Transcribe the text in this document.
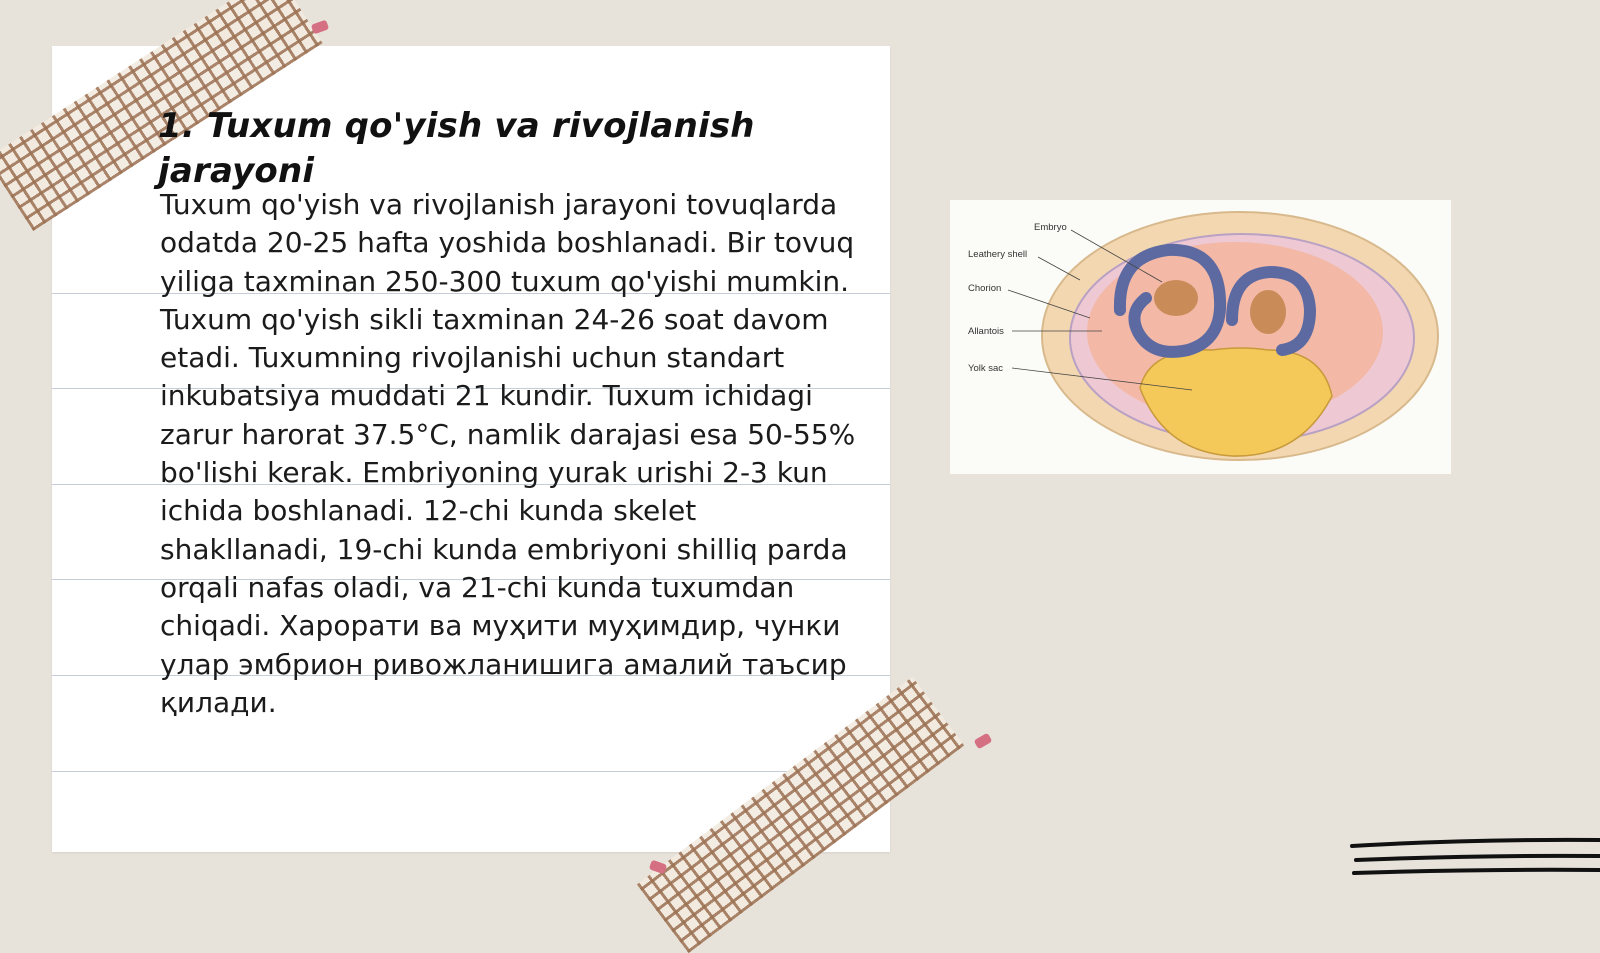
1. Tuxum qo'yish va rivojlanish jarayoni

Tuxum qo'yish va rivojlanish jarayoni tovuqlarda odatda 20-25 hafta yoshida boshlanadi. Bir tovuq yiliga taxminan 250-300 tuxum qo'yishi mumkin. Tuxum qo'yish sikli taxminan 24-26 soat davom etadi. Tuxumning rivojlanishi uchun standart inkubatsiya muddati 21 kundir. Tuxum ichidagi zarur harorat 37.5°C, namlik darajasi esa 50-55% bo'lishi kerak. Embriyoning yurak urishi 2-3 kun ichida boshlanadi. 12-chi kunda skelet shakllanadi, 19-chi kunda embriyoni shilliq parda orqali nafas oladi, va 21-chi kunda tuxumdan chiqadi. Харорати ва муҳити муҳимдир, чунки улар эмбрион ривожланишига амалий таъсир қилади.

Embryo
Leathery shell
Chorion
Allantois
Yolk sac
